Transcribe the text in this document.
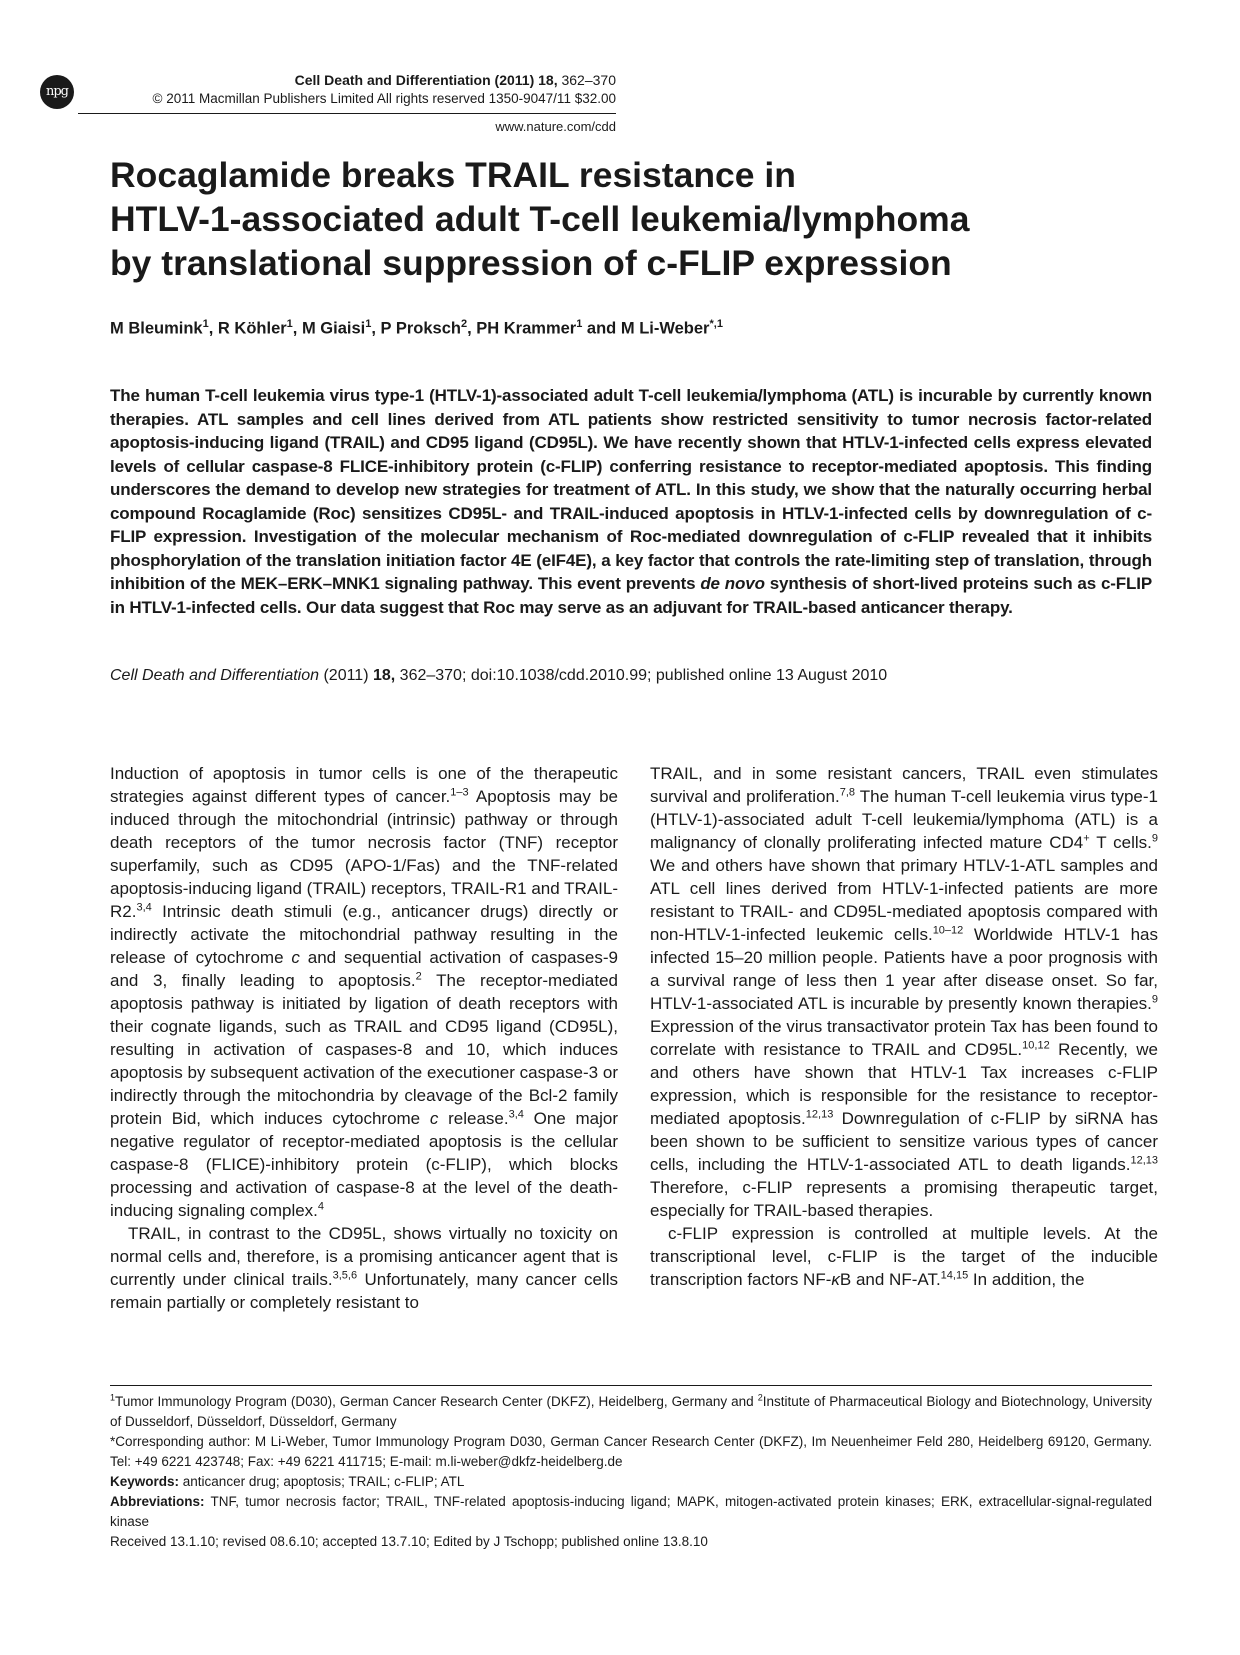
npg
Cell Death and Differentiation (2011) 18, 362–370
© 2011 Macmillan Publishers Limited All rights reserved 1350-9047/11 $32.00
www.nature.com/cdd
Rocaglamide breaks TRAIL resistance in
HTLV-1-associated adult T-cell leukemia/lymphoma
by translational suppression of c-FLIP expression
M Bleumink$^1$, R Köhler$^1$, M Giaisi$^1$, P Proksch$^2$, PH Krammer$^1$ and M Li-Weber$^{*,1}$

The human T-cell leukemia virus type-1 (HTLV-1)-associated adult T-cell leukemia/lymphoma (ATL) is incurable by currently known therapies. ATL samples and cell lines derived from ATL patients show restricted sensitivity to tumor necrosis factor-related apoptosis-inducing ligand (TRAIL) and CD95 ligand (CD95L). We have recently shown that HTLV-1-infected cells express elevated levels of cellular caspase-8 FLICE-inhibitory protein (c-FLIP) conferring resistance to receptor-mediated apoptosis. This finding underscores the demand to develop new strategies for treatment of ATL. In this study, we show that the naturally occurring herbal compound Rocaglamide (Roc) sensitizes CD95L- and TRAIL-induced apoptosis in HTLV-1-infected cells by downregulation of c-FLIP expression. Investigation of the molecular mechanism of Roc-mediated downregulation of c-FLIP revealed that it inhibits phosphorylation of the translation initiation factor 4E (eIF4E), a key factor that controls the rate-limiting step of translation, through inhibition of the MEK–ERK–MNK1 signaling pathway. This event prevents de novo synthesis of short-lived proteins such as c-FLIP in HTLV-1-infected cells. Our data suggest that Roc may serve as an adjuvant for TRAIL-based anticancer therapy.

Cell Death and Differentiation (2011) 18, 362–370; doi:10.1038/cdd.2010.99; published online 13 August 2010

Induction of apoptosis in tumor cells is one of the therapeutic strategies against different types of cancer.$^{1-3}$ Apoptosis may be induced through the mitochondrial (intrinsic) pathway or through death receptors of the tumor necrosis factor (TNF) receptor superfamily, such as CD95 (APO-1/Fas) and the TNF-related apoptosis-inducing ligand (TRAIL) receptors, TRAIL-R1 and TRAIL-R2.$^{3,4}$ Intrinsic death stimuli (e.g., anticancer drugs) directly or indirectly activate the mitochondrial pathway resulting in the release of cytochrome c and sequential activation of caspases-9 and 3, finally leading to apoptosis.$^2$ The receptor-mediated apoptosis pathway is initiated by ligation of death receptors with their cognate ligands, such as TRAIL and CD95 ligand (CD95L), resulting in activation of caspases-8 and 10, which induces apoptosis by subsequent activation of the executioner caspase-3 or indirectly through the mitochondria by cleavage of the Bcl-2 family protein Bid, which induces cytochrome c release.$^{3,4}$ One major negative regulator of receptor-mediated apoptosis is the cellular caspase-8 (FLICE)-inhibitory protein (c-FLIP), which blocks processing and activation of caspase-8 at the level of the death-inducing signaling complex.$^4$

TRAIL, in contrast to the CD95L, shows virtually no toxicity on normal cells and, therefore, is a promising anticancer agent that is currently under clinical trails.$^{3,5,6}$ Unfortunately, many cancer cells remain partially or completely resistant to

TRAIL, and in some resistant cancers, TRAIL even stimulates survival and proliferation.$^{7,8}$ The human T-cell leukemia virus type-1 (HTLV-1)-associated adult T-cell leukemia/lymphoma (ATL) is a malignancy of clonally proliferating infected mature CD4+ T cells.$^9$ We and others have shown that primary HTLV-1-ATL samples and ATL cell lines derived from HTLV-1-infected patients are more resistant to TRAIL- and CD95L-mediated apoptosis compared with non-HTLV-1-infected leukemic cells.$^{10-12}$ Worldwide HTLV-1 has infected 15–20 million people. Patients have a poor prognosis with a survival range of less then 1 year after disease onset. So far, HTLV-1-associated ATL is incurable by presently known therapies.$^9$ Expression of the virus transactivator protein Tax has been found to correlate with resistance to TRAIL and CD95L.$^{10,12}$ Recently, we and others have shown that HTLV-1 Tax increases c-FLIP expression, which is responsible for the resistance to receptor-mediated apoptosis.$^{12,13}$ Downregulation of c-FLIP by siRNA has been shown to be sufficient to sensitize various types of cancer cells, including the HTLV-1-associated ATL to death ligands.$^{12,13}$ Therefore, c-FLIP represents a promising therapeutic target, especially for TRAIL-based therapies.

c-FLIP expression is controlled at multiple levels. At the transcriptional level, c-FLIP is the target of the inducible transcription factors NF-κB and NF-AT.$^{14,15}$ In addition, the

$^1$Tumor Immunology Program (D030), German Cancer Research Center (DKFZ), Heidelberg, Germany and $^2$Institute of Pharmaceutical Biology and Biotechnology, University of Dusseldorf, Düsseldorf, Düsseldorf, Germany

*Corresponding author: M Li-Weber, Tumor Immunology Program D030, German Cancer Research Center (DKFZ), Im Neuenheimer Feld 280, Heidelberg 69120, Germany. Tel: +49 6221 423748; Fax: +49 6221 411715; E-mail: m.li-weber@dkfz-heidelberg.de

Keywords: anticancer drug; apoptosis; TRAIL; c-FLIP; ATL

Abbreviations: TNF, tumor necrosis factor; TRAIL, TNF-related apoptosis-inducing ligand; MAPK, mitogen-activated protein kinases; ERK, extracellular-signal-regulated kinase

Received 13.1.10; revised 08.6.10; accepted 13.7.10; Edited by J Tschopp; published online 13.8.10
